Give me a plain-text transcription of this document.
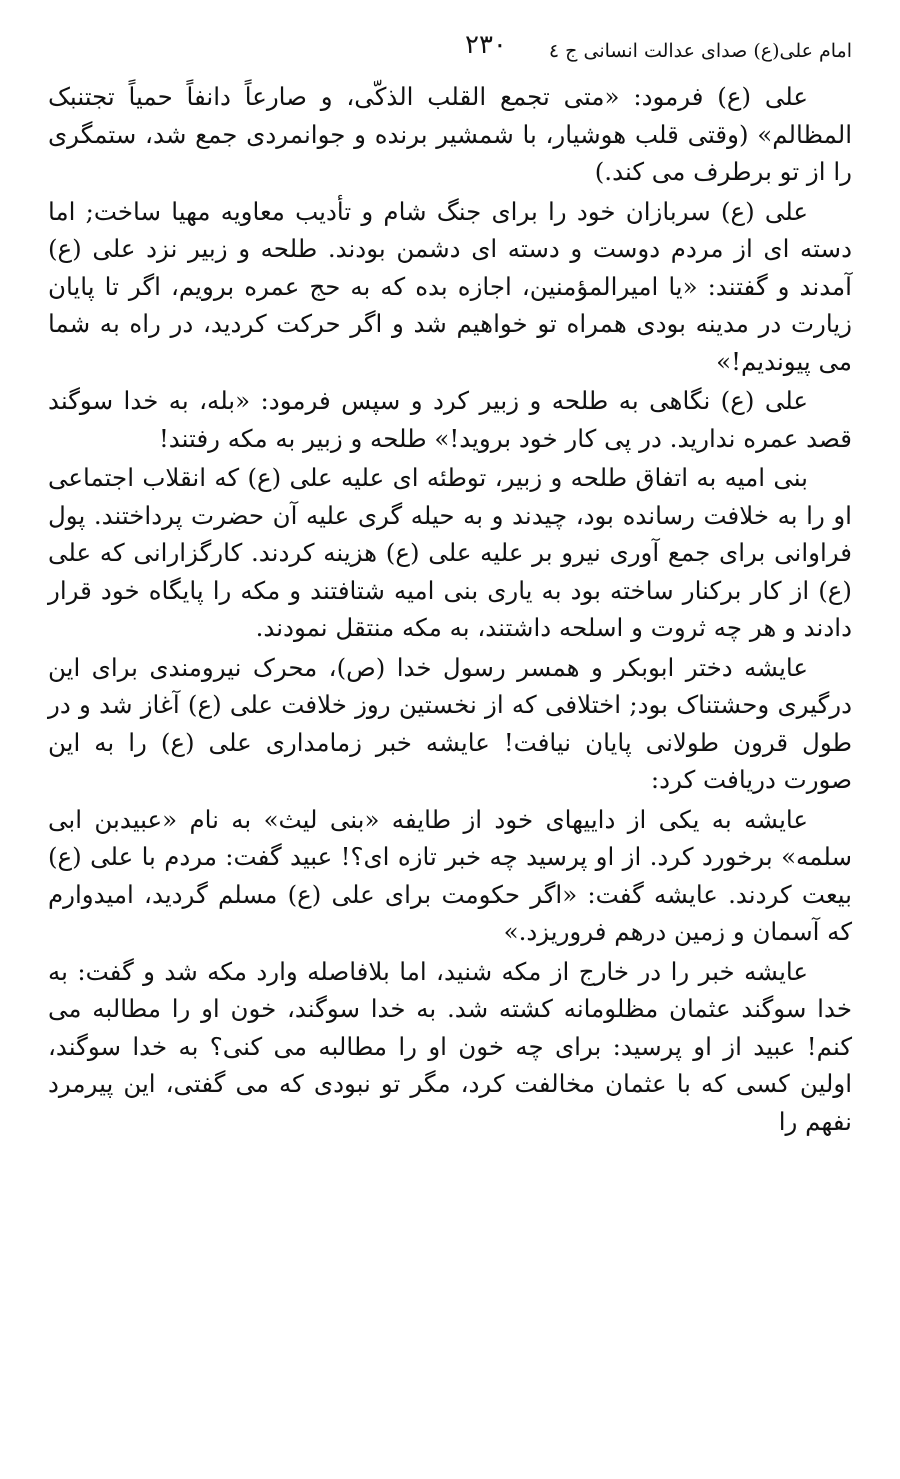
٢٣٠ امام علی(ع) صدای عدالت انسانی ج ٤

علی (ع) فرمود: «متی تجمع القلب الذکّی، و صارعاً دانفاً حمیاً تجتنبک المظالم» (وقتی قلب هوشیار، با شمشیر برنده و جوانمردی جمع شد، ستمگری را از تو برطرف می کند.)

علی (ع) سربازان خود را برای جنگ شام و تأدیب معاویه مهیا ساخت; اما دسته ای از مردم دوست و دسته ای دشمن بودند. طلحه و زبیر نزد علی (ع) آمدند و گفتند: «یا امیرالمؤمنین، اجازه بده که به حج عمره برویم، اگر تا پایان زیارت در مدینه بودی همراه تو خواهیم شد و اگر حرکت کردید، در راه به شما می پیوندیم!»

علی (ع) نگاهی به طلحه و زبیر کرد و سپس فرمود: «بله، به خدا سوگند قصد عمره ندارید. در پی کار خود بروید!» طلحه و زبیر به مکه رفتند!

بنی امیه به اتفاق طلحه و زبیر، توطئه ای علیه علی (ع) که انقلاب اجتماعی او را به خلافت رسانده بود، چیدند و به حیله گری علیه آن حضرت پرداختند. پول فراوانی برای جمع آوری نیرو بر علیه علی (ع) هزینه کردند. کارگزارانی که علی (ع) از کار برکنار ساخته بود به یاری بنی امیه شتافتند و مکه را پایگاه خود قرار دادند و هر چه ثروت و اسلحه داشتند، به مکه منتقل نمودند.

عایشه دختر ابوبکر و همسر رسول خدا (ص)، محرک نیرومندی برای این درگیری وحشتناک بود; اختلافی که از نخستین روز خلافت علی (ع) آغاز شد و در طول قرون طولانی پایان نیافت! عایشه خبر زمامداری علی (ع) را به این صورت دریافت کرد:

عایشه به یکی از داییهای خود از طایفه «بنی لیث» به نام «عبیدبن ابی سلمه» برخورد کرد. از او پرسید چه خبر تازه ای؟! عبید گفت: مردم با علی (ع) بیعت کردند. عایشه گفت: «اگر حکومت برای علی (ع) مسلم گردید، امیدوارم که آسمان و زمین درهم فروریزد.»

عایشه خبر را در خارج از مکه شنید، اما بلافاصله وارد مکه شد و گفت: به خدا سوگند عثمان مظلومانه کشته شد. به خدا سوگند، خون او را مطالبه می کنم! عبید از او پرسید: برای چه خون او را مطالبه می کنی؟ به خدا سوگند، اولین کسی که با عثمان مخالفت کرد، مگر تو نبودی که می گفتی، این پیرمرد نفهم را
